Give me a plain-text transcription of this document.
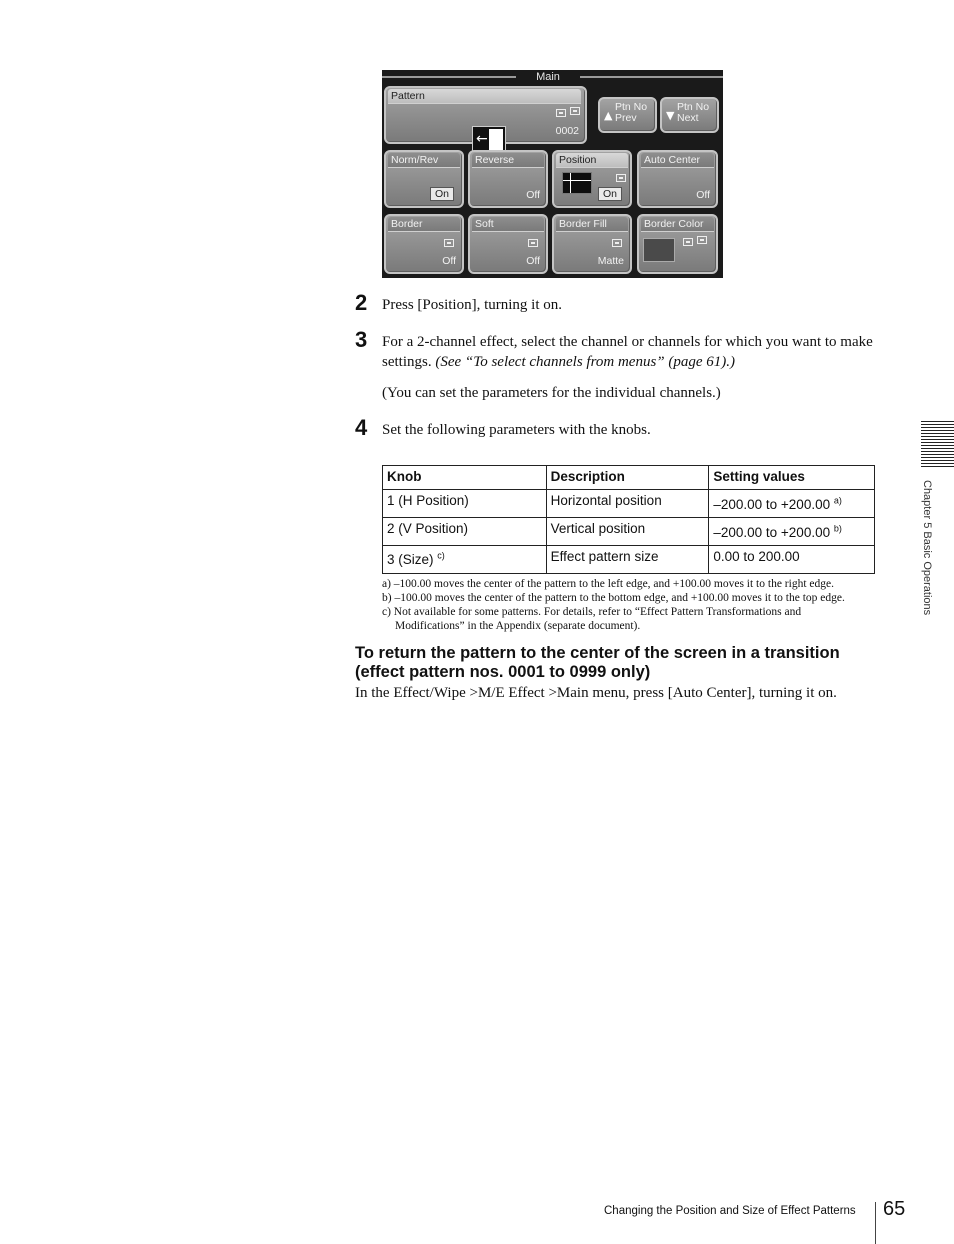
Main
Pattern
←	0002
▲
Ptn No
Prev	▼
Ptn No
Next
Norm/Rev
On
Reverse
Off
Position
On
Auto Center
Off
Border
Off
Soft
Off
Border Fill
Matte
Border Color
2 Press [Position], turning it on.
3 For a 2-channel effect, select the channel or channels for which you want to make settings. (See “To select channels from menus” (page 61).)
(You can set the parameters for the individual channels.)
4 Set the following parameters with the knobs.
Knob	Description	Setting values
1 (H Position)	Horizontal position	–200.00 to +200.00 $^{a)}$
2 (V Position)	Vertical position	–200.00 to +200.00 $^{b)}$
3 (Size) $^{c)}$	Effect pattern size	0.00 to 200.00
a) –100.00 moves the center of the pattern to the left edge, and +100.00 moves it to the right edge.
b) –100.00 moves the center of the pattern to the bottom edge, and +100.00 moves it to the top edge.
c) Not available for some patterns. For details, refer to “Effect Pattern Transformations and
Modifications” in the Appendix (separate document).
To return the pattern to the center of the screen in a transition
(effect pattern nos. 0001 to 0999 only)
In the Effect/Wipe >M/E Effect >Main menu, press [Auto Center], turning it on.
Chapter 5 Basic Operations
Changing the Position and Size of Effect Patterns 65
